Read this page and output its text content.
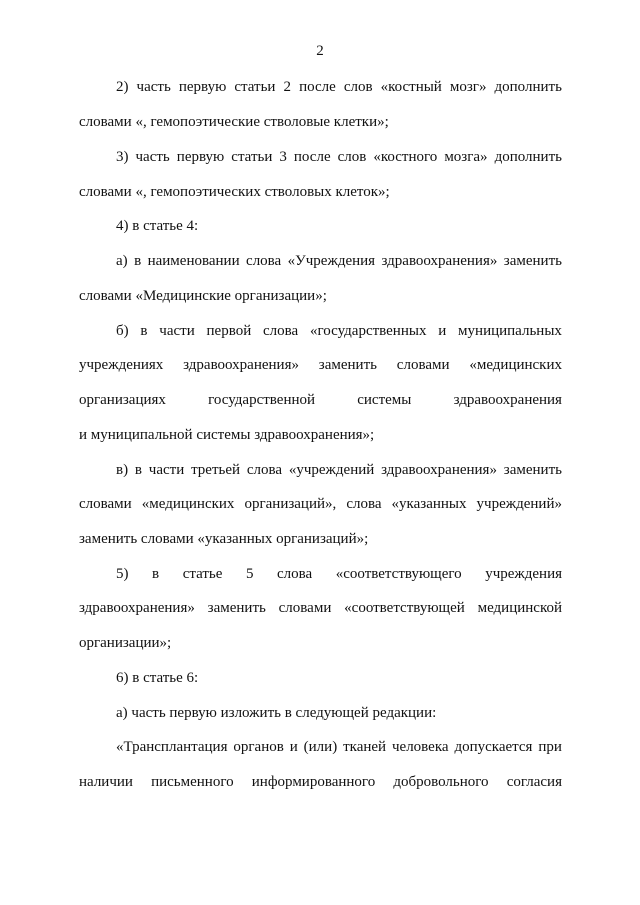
2
2) часть первую статьи 2 после слов «костный мозг» дополнить
словами «, гемопоэтические стволовые клетки»;
3) часть первую статьи 3 после слов «костного мозга» дополнить
словами «, гемопоэтических стволовых клеток»;
4) в статье 4:
а) в наименовании слова «Учреждения здравоохранения» заменить
словами «Медицинские организации»;
б) в части первой слова «государственных и муниципальных
учреждениях здравоохранения» заменить словами «медицинских
организациях	государственной	системы	здравоохранения
и муниципальной системы здравоохранения»;
в) в части третьей слова «учреждений здравоохранения» заменить
словами «медицинских организаций», слова «указанных учреждений»
заменить словами «указанных организаций»;
5) в статье 5 слова «соответствующего учреждения
здравоохранения» заменить словами «соответствующей медицинской
организации»;
6) в статье 6:
а) часть первую изложить в следующей редакции:
«Трансплантация органов и (или) тканей человека допускается при
наличии письменного информированного добровольного согласия
